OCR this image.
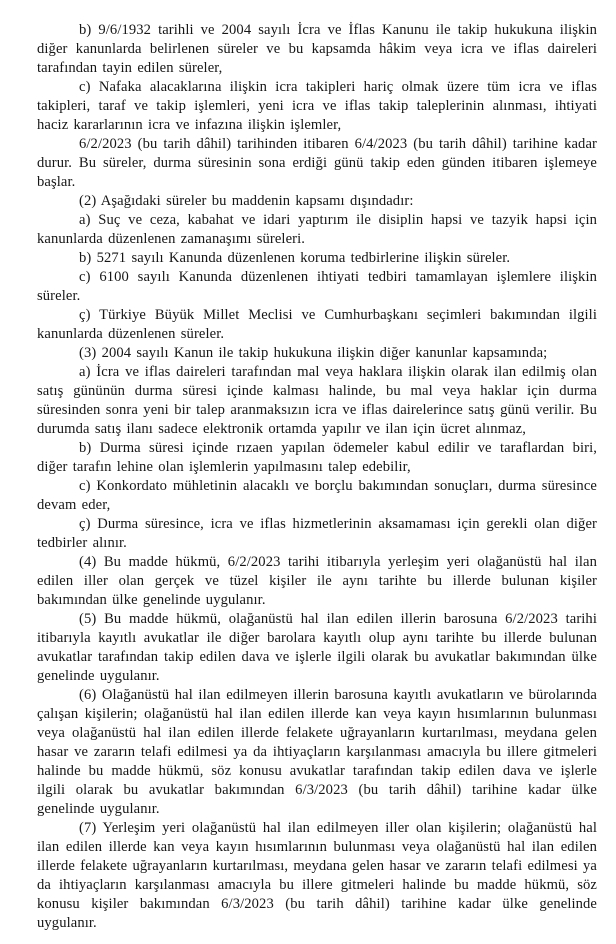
b) 9/6/1932 tarihli ve 2004 sayılı İcra ve İflas Kanunu ile takip hukukuna ilişkin diğer kanunlarda belirlenen süreler ve bu kapsamda hâkim veya icra ve iflas daireleri tarafından tayin edilen süreler,

c) Nafaka alacaklarına ilişkin icra takipleri hariç olmak üzere tüm icra ve iflas takipleri, taraf ve takip işlemleri, yeni icra ve iflas takip taleplerinin alınması, ihtiyati haciz kararlarının icra ve infazına ilişkin işlemler,

6/2/2023 (bu tarih dâhil) tarihinden itibaren 6/4/2023 (bu tarih dâhil) tarihine kadar durur. Bu süreler, durma süresinin sona erdiği günü takip eden günden itibaren işlemeye başlar.

(2) Aşağıdaki süreler bu maddenin kapsamı dışındadır:

a) Suç ve ceza, kabahat ve idari yaptırım ile disiplin hapsi ve tazyik hapsi için kanunlarda düzenlenen zamanaşımı süreleri.

b) 5271 sayılı Kanunda düzenlenen koruma tedbirlerine ilişkin süreler.

c) 6100 sayılı Kanunda düzenlenen ihtiyati tedbiri tamamlayan işlemlere ilişkin süreler.

ç) Türkiye Büyük Millet Meclisi ve Cumhurbaşkanı seçimleri bakımından ilgili kanunlarda düzenlenen süreler.

(3) 2004 sayılı Kanun ile takip hukukuna ilişkin diğer kanunlar kapsamında;

a) İcra ve iflas daireleri tarafından mal veya haklara ilişkin olarak ilan edilmiş olan satış gününün durma süresi içinde kalması halinde, bu mal veya haklar için durma süresinden sonra yeni bir talep aranmaksızın icra ve iflas dairelerince satış günü verilir. Bu durumda satış ilanı sadece elektronik ortamda yapılır ve ilan için ücret alınmaz,

b) Durma süresi içinde rızaen yapılan ödemeler kabul edilir ve taraflardan biri, diğer tarafın lehine olan işlemlerin yapılmasını talep edebilir,

c) Konkordato mühletinin alacaklı ve borçlu bakımından sonuçları, durma süresince devam eder,

ç) Durma süresince, icra ve iflas hizmetlerinin aksamaması için gerekli olan diğer tedbirler alınır.

(4) Bu madde hükmü, 6/2/2023 tarihi itibarıyla yerleşim yeri olağanüstü hal ilan edilen iller olan gerçek ve tüzel kişiler ile aynı tarihte bu illerde bulunan kişiler bakımından ülke genelinde uygulanır.

(5) Bu madde hükmü, olağanüstü hal ilan edilen illerin barosuna 6/2/2023 tarihi itibarıyla kayıtlı avukatlar ile diğer barolara kayıtlı olup aynı tarihte bu illerde bulunan avukatlar tarafından takip edilen dava ve işlerle ilgili olarak bu avukatlar bakımından ülke genelinde uygulanır.

(6) Olağanüstü hal ilan edilmeyen illerin barosuna kayıtlı avukatların ve bürolarında çalışan kişilerin; olağanüstü hal ilan edilen illerde kan veya kayın hısımlarının bulunması veya olağanüstü hal ilan edilen illerde felakete uğrayanların kurtarılması, meydana gelen hasar ve zararın telafi edilmesi ya da ihtiyaçların karşılanması amacıyla bu illere gitmeleri halinde bu madde hükmü, söz konusu avukatlar tarafından takip edilen dava ve işlerle ilgili olarak bu avukatlar bakımından 6/3/2023 (bu tarih dâhil) tarihine kadar ülke genelinde uygulanır.

(7) Yerleşim yeri olağanüstü hal ilan edilmeyen iller olan kişilerin; olağanüstü hal ilan edilen illerde kan veya kayın hısımlarının bulunması veya olağanüstü hal ilan edilen illerde felakete uğrayanların kurtarılması, meydana gelen hasar ve zararın telafi edilmesi ya da ihtiyaçların karşılanması amacıyla bu illere gitmeleri halinde bu madde hükmü, söz konusu kişiler bakımından 6/3/2023 (bu tarih dâhil) tarihine kadar ülke genelinde uygulanır.
